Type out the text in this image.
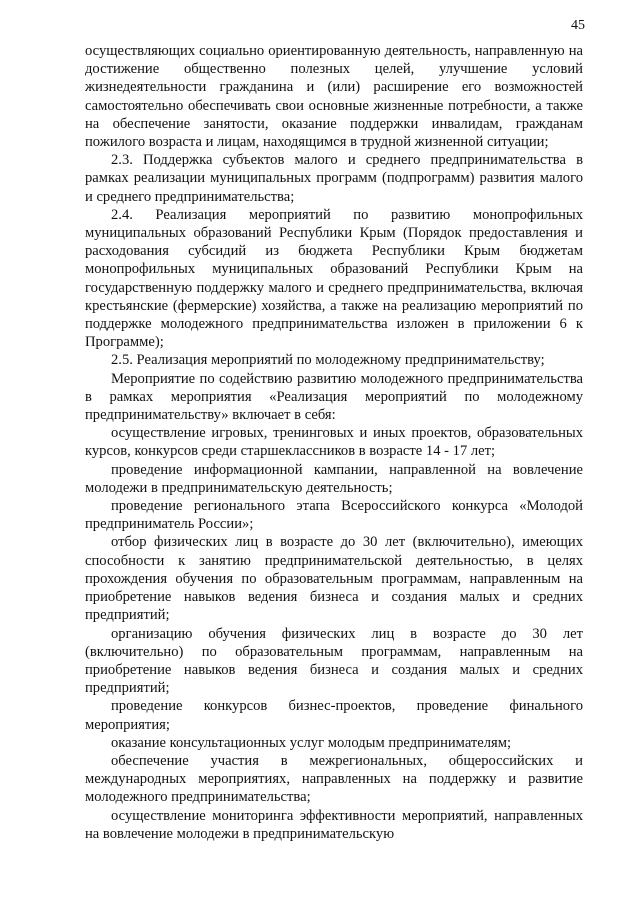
45

осуществляющих социально ориентированную деятельность, направленную на достижение общественно полезных целей, улучшение условий жизнедеятельности гражданина и (или) расширение его возможностей самостоятельно обеспечивать свои основные жизненные потребности, а также на обеспечение занятости, оказание поддержки инвалидам, гражданам пожилого возраста и лицам, находящимся в трудной жизненной ситуации;

2.3. Поддержка субъектов малого и среднего предпринимательства в рамках реализации муниципальных программ (подпрограмм) развития малого и среднего предпринимательства;

2.4. Реализация мероприятий по развитию монопрофильных муниципальных образований Республики Крым (Порядок предоставления и расходования субсидий из бюджета Республики Крым бюджетам монопрофильных муниципальных образований Республики Крым на государственную поддержку малого и среднего предпринимательства, включая крестьянские (фермерские) хозяйства, а также на реализацию мероприятий по поддержке молодежного предпринимательства изложен в приложении 6 к Программе);

2.5. Реализация мероприятий по молодежному предпринимательству;

Мероприятие по содействию развитию молодежного предпринимательства в рамках мероприятия «Реализация мероприятий по молодежному предпринимательству» включает в себя:

осуществление игровых, тренинговых и иных проектов, образовательных курсов, конкурсов среди старшеклассников в возрасте 14 - 17 лет;

проведение информационной кампании, направленной на вовлечение молодежи в предпринимательскую деятельность;

проведение регионального этапа Всероссийского конкурса «Молодой предприниматель России»;

отбор физических лиц в возрасте до 30 лет (включительно), имеющих способности к занятию предпринимательской деятельностью, в целях прохождения обучения по образовательным программам, направленным на приобретение навыков ведения бизнеса и создания малых и средних предприятий;

организацию обучения физических лиц в возрасте до 30 лет (включительно) по образовательным программам, направленным на приобретение навыков ведения бизнеса и создания малых и средних предприятий;

проведение конкурсов бизнес-проектов, проведение финального мероприятия;

оказание консультационных услуг молодым предпринимателям;

обеспечение участия в межрегиональных, общероссийских и международных мероприятиях, направленных на поддержку и развитие молодежного предпринимательства;

осуществление мониторинга эффективности мероприятий, направленных на вовлечение молодежи в предпринимательскую
